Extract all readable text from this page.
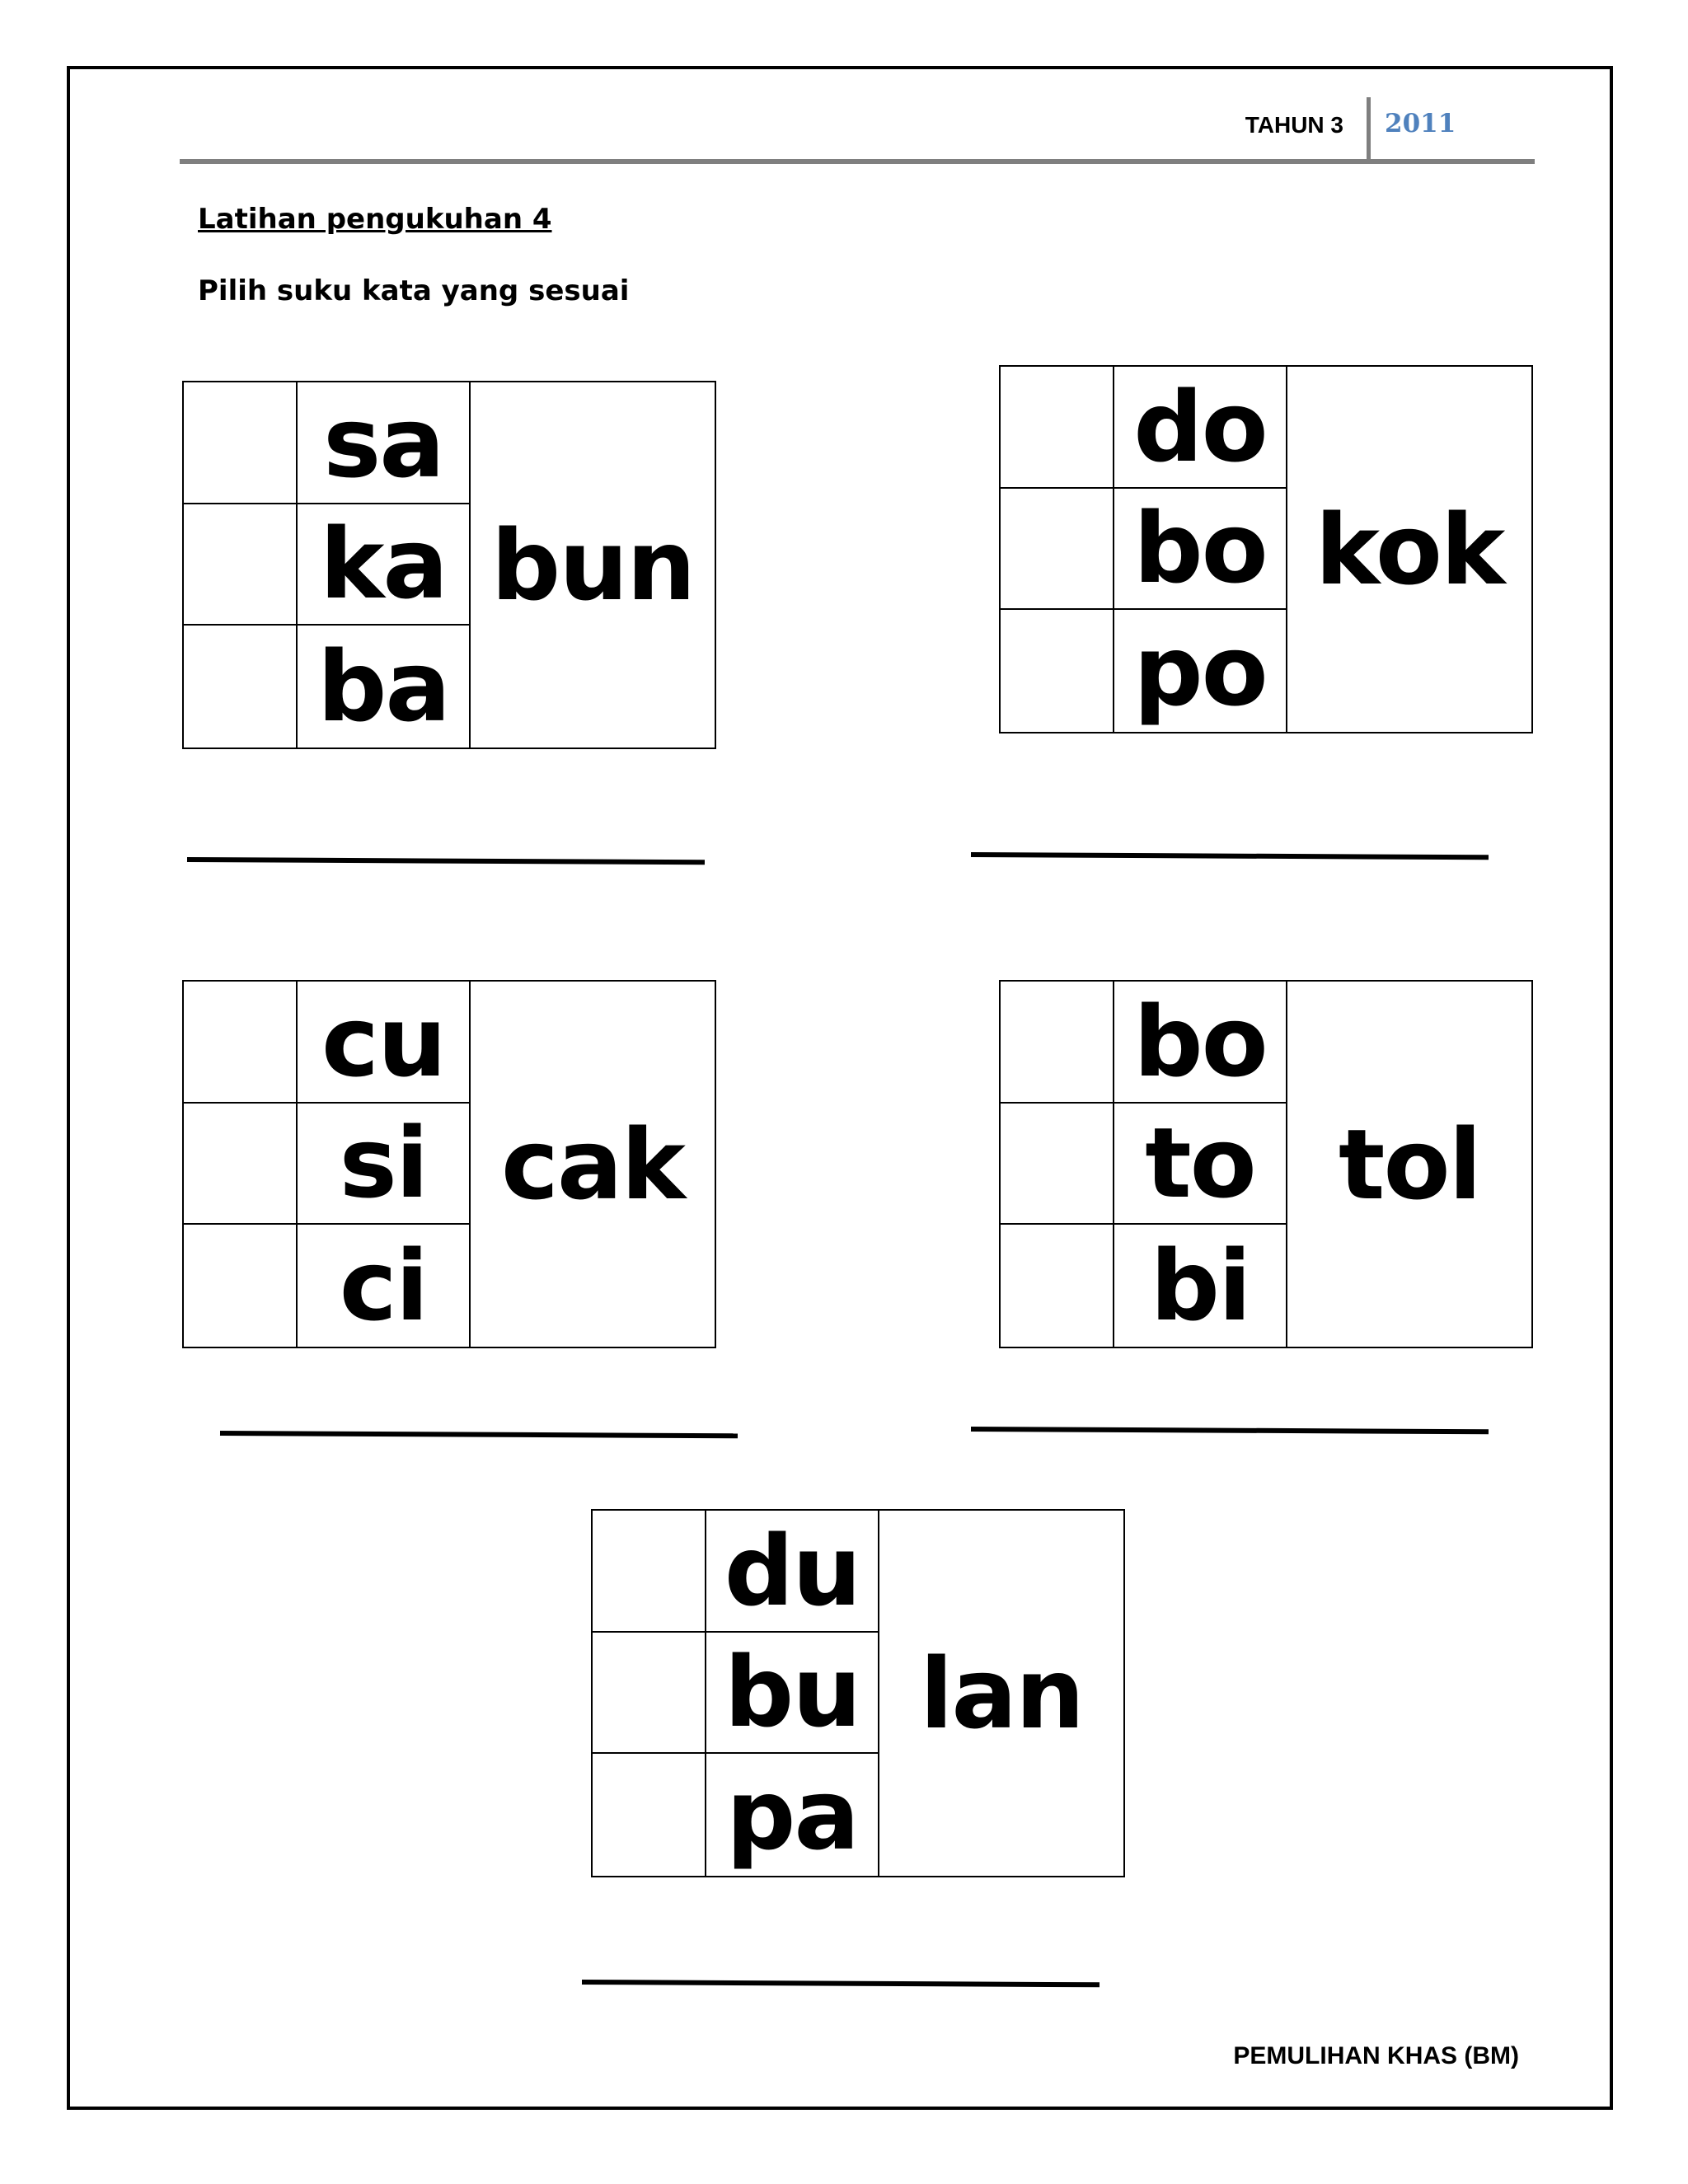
TAHUN 3 2011
Latihan pengukuhan 4
Pilih suku kata yang sesuai
sa
bun
ka
ba
do
kok
bo
po
cu
cak
si
ci
bo
tol
to
bi
du
lan
bu
pa
PEMULIHAN KHAS (BM)
